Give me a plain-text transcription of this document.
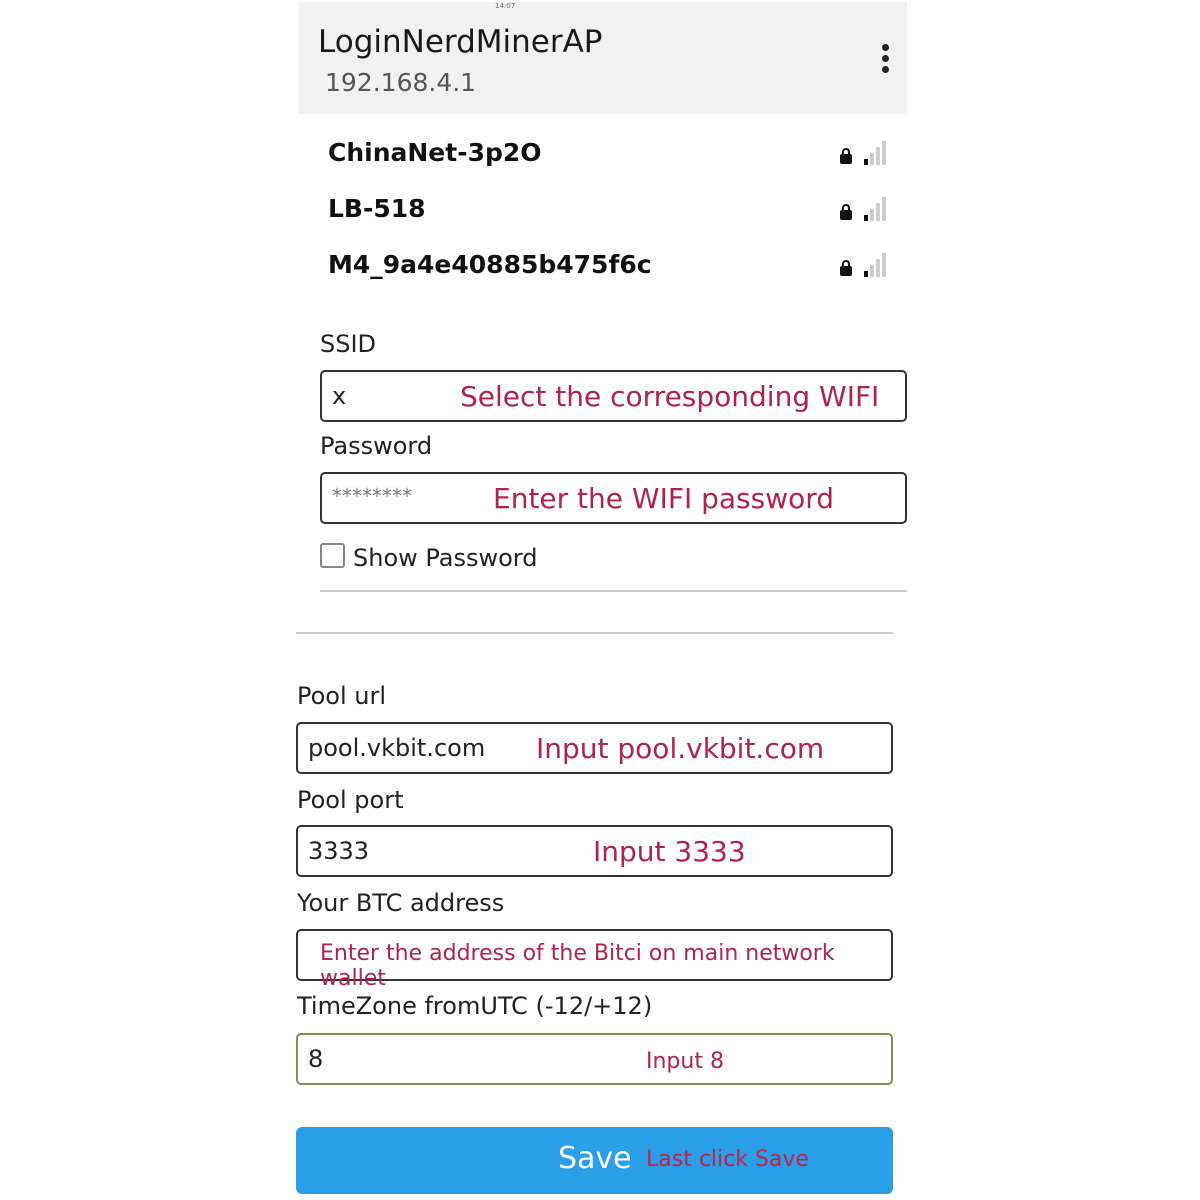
14:07
LoginNerdMinerAP
192.168.4.1
ChinaNet-3p2O
LB-518
M4_9a4e40885b475f6c
SSID
x	Select the corresponding WIFI
Password
********	Enter the WIFI password
Show Password
Pool url
pool.vkbit.com Input pool.vkbit.com
Pool port
3333	Input 3333
Your BTC address
Enter the address of the Bitci on main network wallet
TimeZone fromUTC (-12/+12)
8	Input 8
Save Last click Save
